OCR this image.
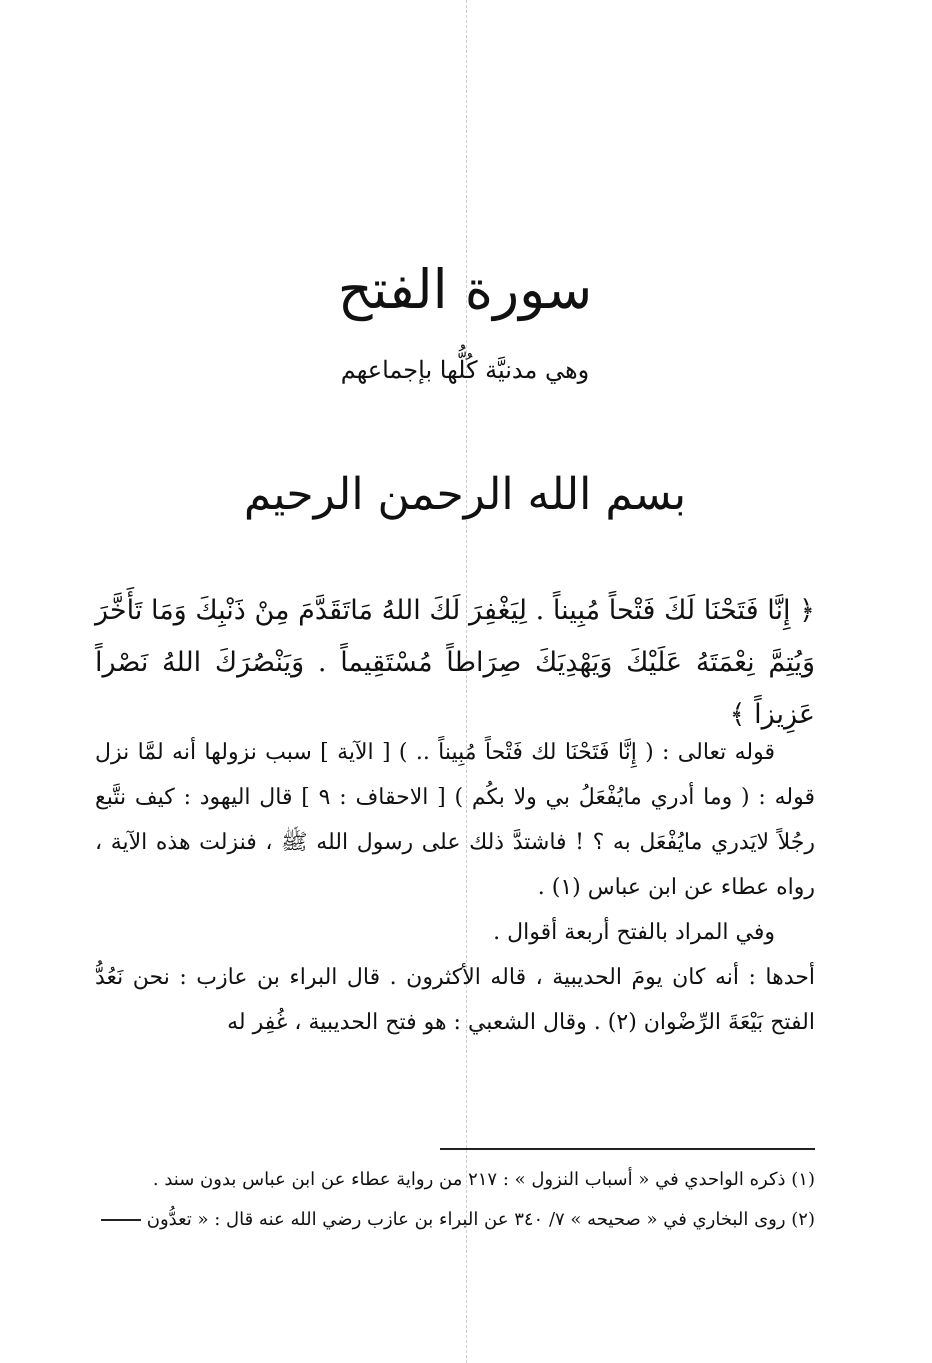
سورة الفتح
وهي مدنيَّة كُلُّها بإجماعهم
بسم الله الرحمن الرحيم
﴿ إِنَّا فَتَحْنَا لَكَ فَتْحاً مُبِيناً . لِيَغْفِرَ لَكَ اللهُ مَاتَقَدَّمَ مِنْ ذَنْبِكَ وَمَا تَأَخَّرَ وَيُتِمَّ نِعْمَتَهُ عَلَيْكَ وَيَهْدِيَكَ صِرَاطاً مُسْتَقِيماً . وَيَنْصُرَكَ اللهُ نَصْراً عَزِيزاً ﴾

قوله تعالى : ( إِنَّا فَتَحْنَا لك فَتْحاً مُبِيناً .. ) [ الآية ] سبب نزولها أنه لمَّا نزل قوله : ( وما أدري مايُفْعَلُ بي ولا بكُم ) [ الاحقاف : ٩ ] قال اليهود : كيف نتَّبع رجُلاً لايَدري مايُفْعَل به ؟ ! فاشتدَّ ذلك على رسول الله ﷺ ، فنزلت هذه الآية ، رواه عطاء عن ابن عباس (١) .

وفي المراد بالفتح أربعة أقوال .

أحدها : أنه كان يومَ الحديبية ، قاله الأكثرون . قال البراء بن عازب : نحن نَعُدُّ الفتح بَيْعَةَ الرِّضْوان (٢) . وقال الشعبي : هو فتح الحديبية ، غُفِر له

(١) ذكره الواحدي في « أسباب النزول » : ٢١٧ من رواية عطاء عن ابن عباس بدون سند .

(٢) روى البخاري في « صحيحه » ٧/ ٣٤٠ عن البراء بن عازب رضي الله عنه قال : « تعدُّون
